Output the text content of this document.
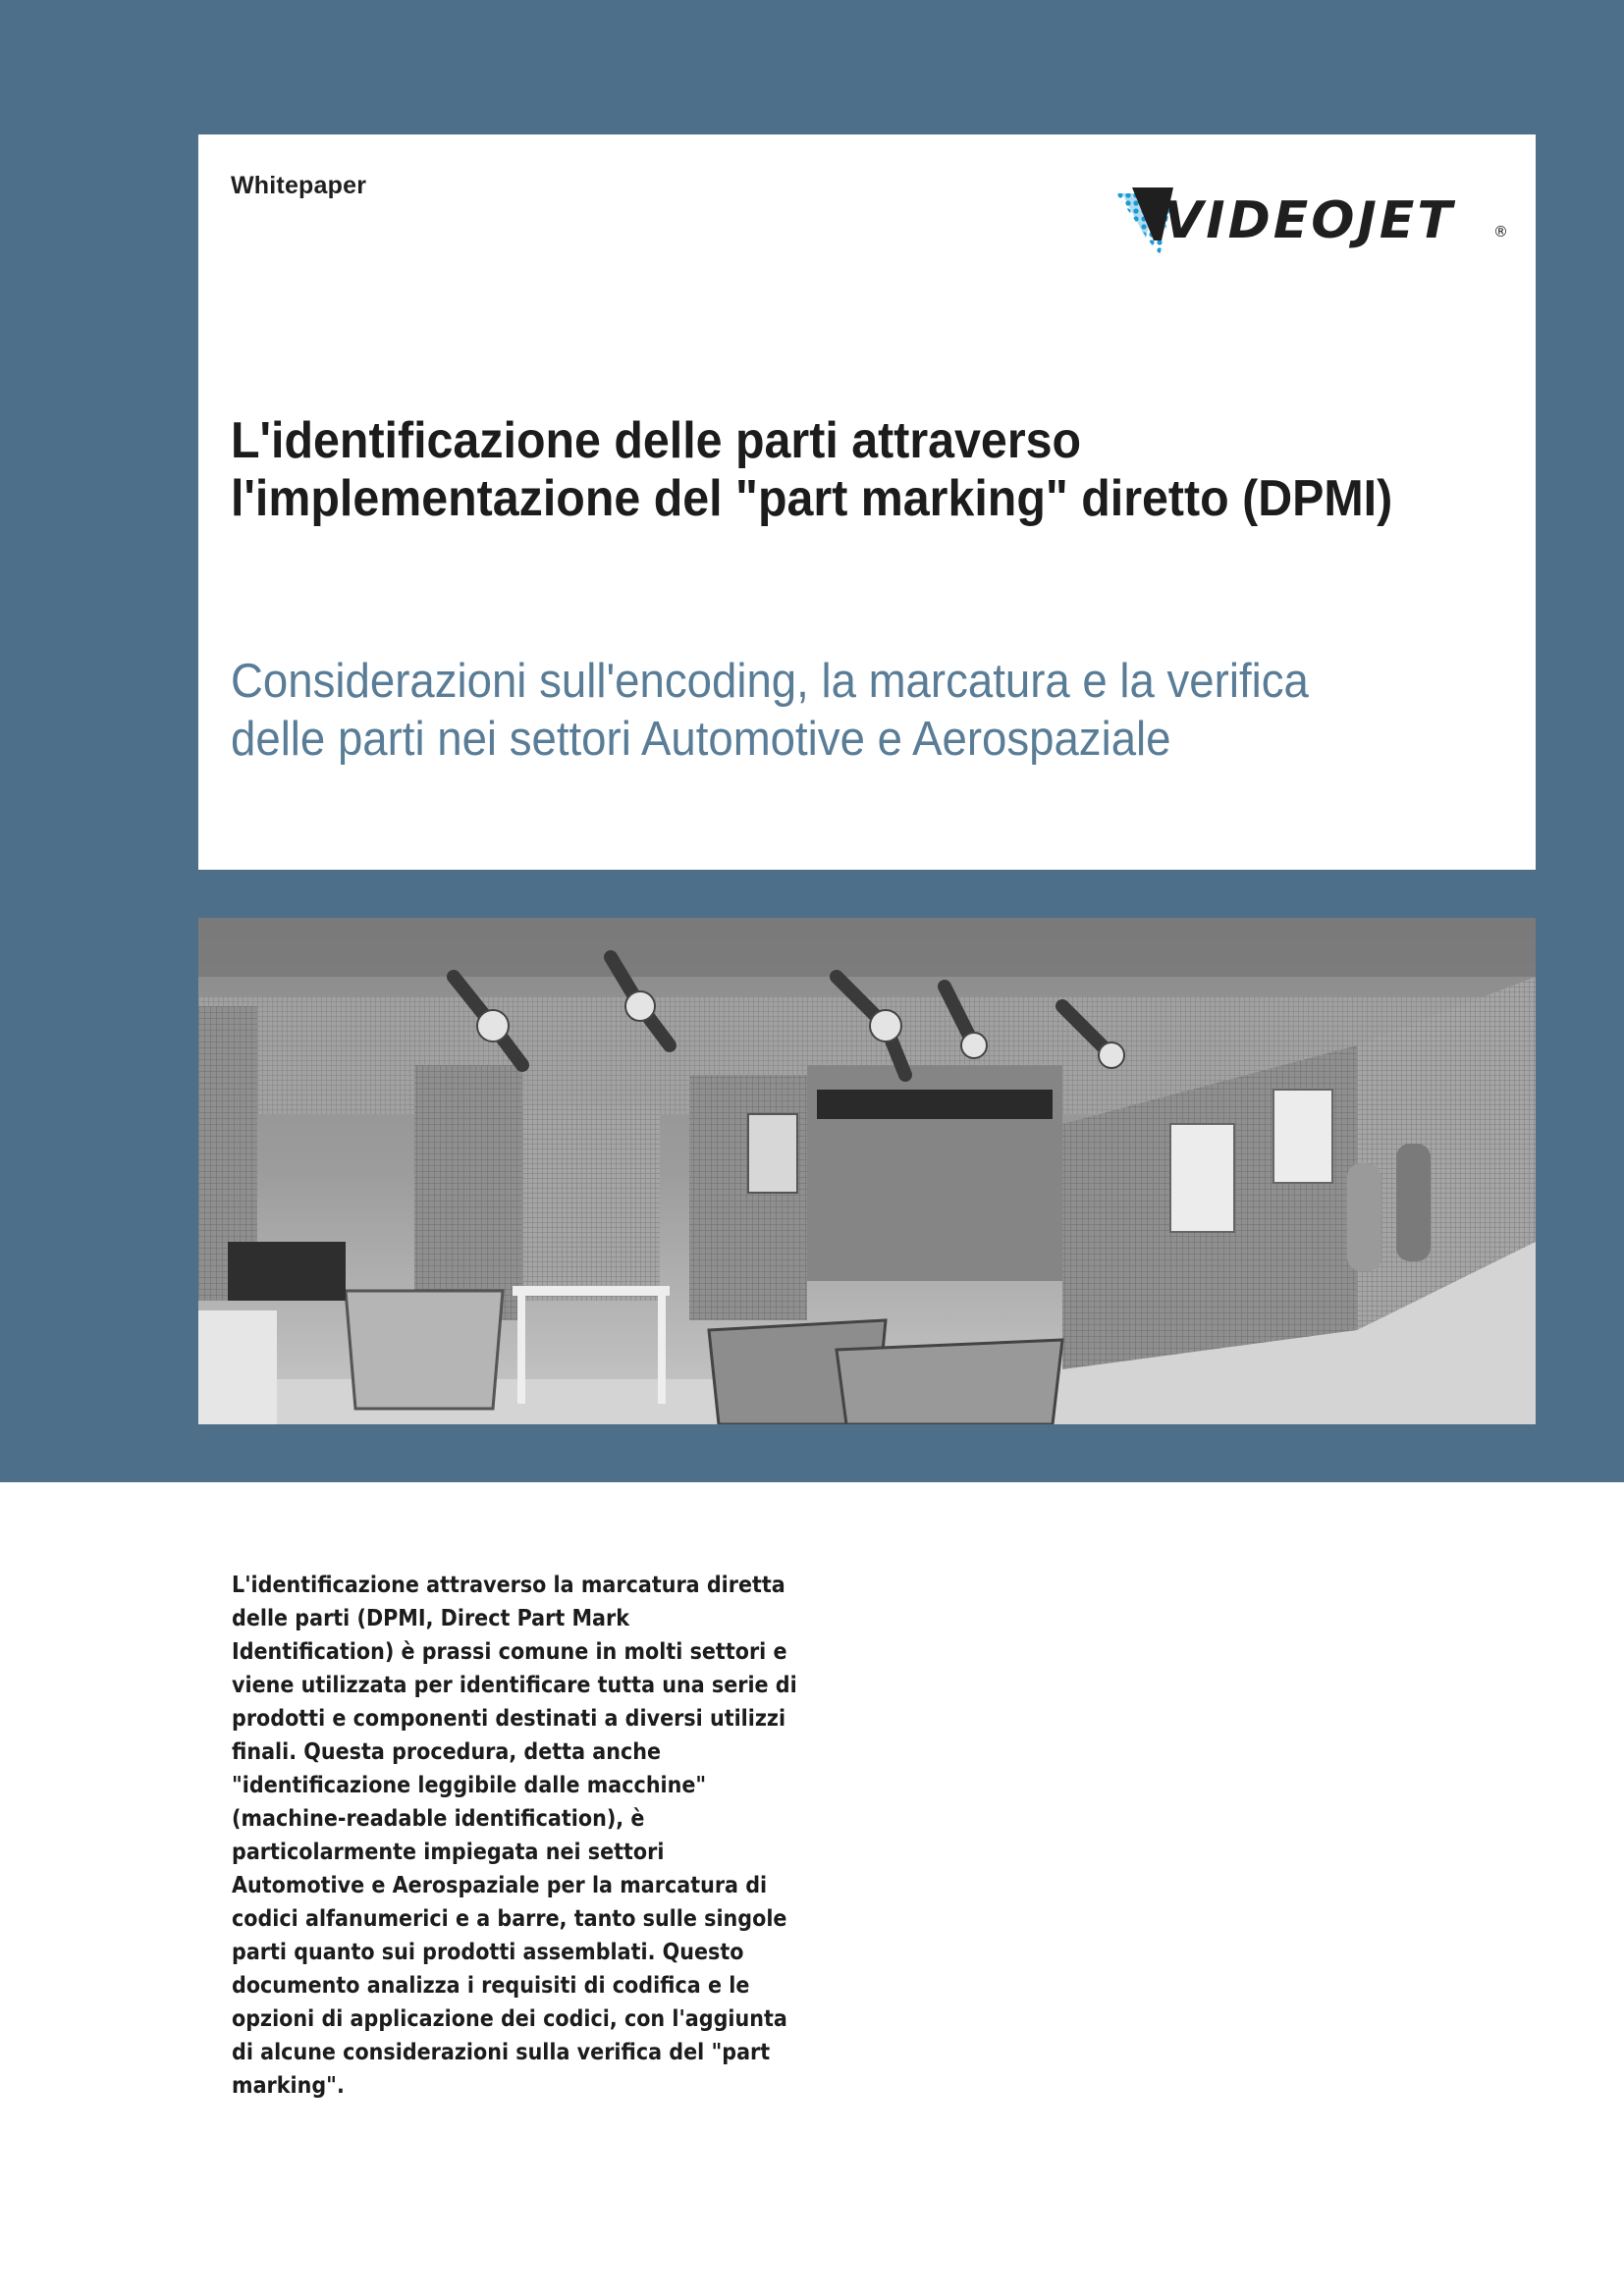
Whitepaper
VIDEOJET	®
L'identificazione delle parti attraverso l'implementazione del "part marking" diretto (DPMI)
Considerazioni sull'encoding, la marcatura e la verifica delle parti nei settori Automotive e Aerospaziale

L'identificazione attraverso la marcatura diretta delle parti (DPMI, Direct Part Mark Identification) è prassi comune in molti settori e viene utilizzata per identificare tutta una serie di prodotti e componenti destinati a diversi utilizzi finali. Questa procedura, detta anche "identificazione leggibile dalle macchine" (machine-readable identification), è particolarmente impiegata nei settori Automotive e Aerospaziale per la marcatura di codici alfanumerici e a barre, tanto sulle singole parti quanto sui prodotti assemblati. Questo documento analizza i requisiti di codifica e le opzioni di applicazione dei codici, con l'aggiunta di alcune considerazioni sulla verifica del "part marking".
